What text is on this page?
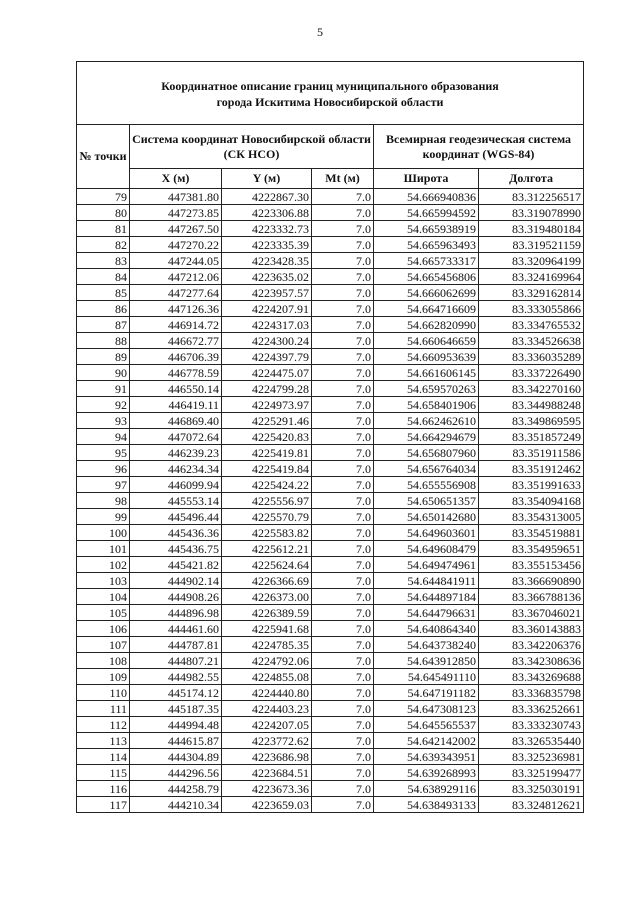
5
Координатное описание границ муниципального образования
города Искитима Новосибирской области					

№ точки	Система координат Новосибирской области (СК НСО)			Всемирная геодезическая система координат (WGS-84)	
	X (м)	Y (м)	Mt (м)	Широта	Долгота
79	447381.80	4222867.30	7.0	54.666940836	83.312256517
80	447273.85	4223306.88	7.0	54.665994592	83.319078990
81	447267.50	4223332.73	7.0	54.665938919	83.319480184
82	447270.22	4223335.39	7.0	54.665963493	83.319521159
83	447244.05	4223428.35	7.0	54.665733317	83.320964199
84	447212.06	4223635.02	7.0	54.665456806	83.324169964
85	447277.64	4223957.57	7.0	54.666062699	83.329162814
86	447126.36	4224207.91	7.0	54.664716609	83.333055866
87	446914.72	4224317.03	7.0	54.662820990	83.334765532
88	446672.77	4224300.24	7.0	54.660646659	83.334526638
89	446706.39	4224397.79	7.0	54.660953639	83.336035289
90	446778.59	4224475.07	7.0	54.661606145	83.337226490
91	446550.14	4224799.28	7.0	54.659570263	83.342270160
92	446419.11	4224973.97	7.0	54.658401906	83.344988248
93	446869.40	4225291.46	7.0	54.662462610	83.349869595
94	447072.64	4225420.83	7.0	54.664294679	83.351857249
95	446239.23	4225419.81	7.0	54.656807960	83.351911586
96	446234.34	4225419.84	7.0	54.656764034	83.351912462
97	446099.94	4225424.22	7.0	54.655556908	83.351991633
98	445553.14	4225556.97	7.0	54.650651357	83.354094168
99	445496.44	4225570.79	7.0	54.650142680	83.354313005
100	445436.36	4225583.82	7.0	54.649603601	83.354519881
101	445436.75	4225612.21	7.0	54.649608479	83.354959651
102	445421.82	4225624.64	7.0	54.649474961	83.355153456
103	444902.14	4226366.69	7.0	54.644841911	83.366690890
104	444908.26	4226373.00	7.0	54.644897184	83.366788136
105	444896.98	4226389.59	7.0	54.644796631	83.367046021
106	444461.60	4225941.68	7.0	54.640864340	83.360143883
107	444787.81	4224785.35	7.0	54.643738240	83.342206376
108	444807.21	4224792.06	7.0	54.643912850	83.342308636
109	444982.55	4224855.08	7.0	54.645491110	83.343269688
110	445174.12	4224440.80	7.0	54.647191182	83.336835798
111	445187.35	4224403.23	7.0	54.647308123	83.336252661
112	444994.48	4224207.05	7.0	54.645565537	83.333230743
113	444615.87	4223772.62	7.0	54.642142002	83.326535440
114	444304.89	4223686.98	7.0	54.639343951	83.325236981
115	444296.56	4223684.51	7.0	54.639268993	83.325199477
116	444258.79	4223673.36	7.0	54.638929116	83.325030191
117	444210.34	4223659.03	7.0	54.638493133	83.324812621
